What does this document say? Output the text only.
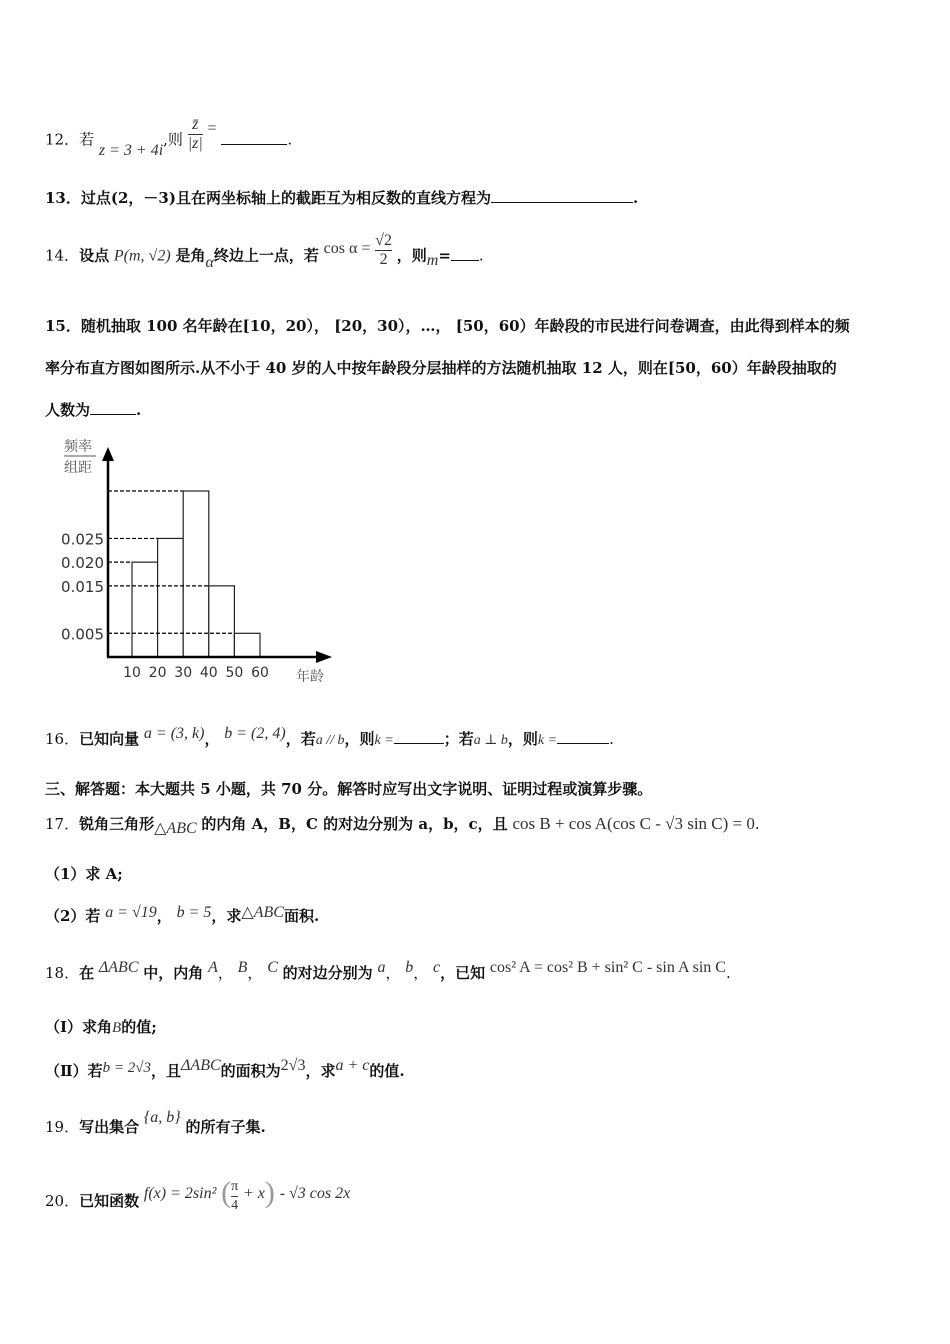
12．若 z = 3 + 4i,则 $\frac{z̄}{|z|}$ = .
13．过点(2，－3)且在两坐标轴上的截距互为相反数的直线方程为	.
14．设点 P(m, √2) 是角α终边上一点，若 $\cos \alpha = \frac{√2}{2}$ ，则m= .
15．随机抽取 100 名年龄在[10，20）， [20，30），…， [50，60）年龄段的市民进行问卷调查，由此得到样本的频
率分布直方图如图所示.从不小于 40 岁的人中按年龄段分层抽样的方法随机抽取 12 人，则在[50，60）年龄段抽取的
人数为	.
频率
组距
0.025
0.020
0.015
0.005
10 20 30 40 50 60 年龄
16．已知向量 a = (3, k)， b = (2, 4)，若a // b，则k =	；若a ⊥ b，则k =	.
三、解答题：本大题共 5 小题，共 70 分。解答时应写出文字说明、证明过程或演算步骤。
17．锐角三角形△ABC 的内角 A，B，C 的对边分别为 a，b，c，且 cos B + cos A(cos C - √3 sin C) = 0.
（1）求 A;
（2）若 a = √19， b = 5，求△ABC面积.
18．在 ΔABC 中，内角 A， B， C 的对边分别为 a， b， c，已知 cos² A = cos² B + sin² C - sin A sin C.
（Ⅰ）求角B的值;
（Ⅱ）若b = 2√3，且ΔABC的面积为2√3，求a + c的值.
19．写出集合 {a, b} 的所有子集.
20．已知函数 f(x) = 2sin² ( $\frac{\pi}{4} + x) - √3$ cos 2x
